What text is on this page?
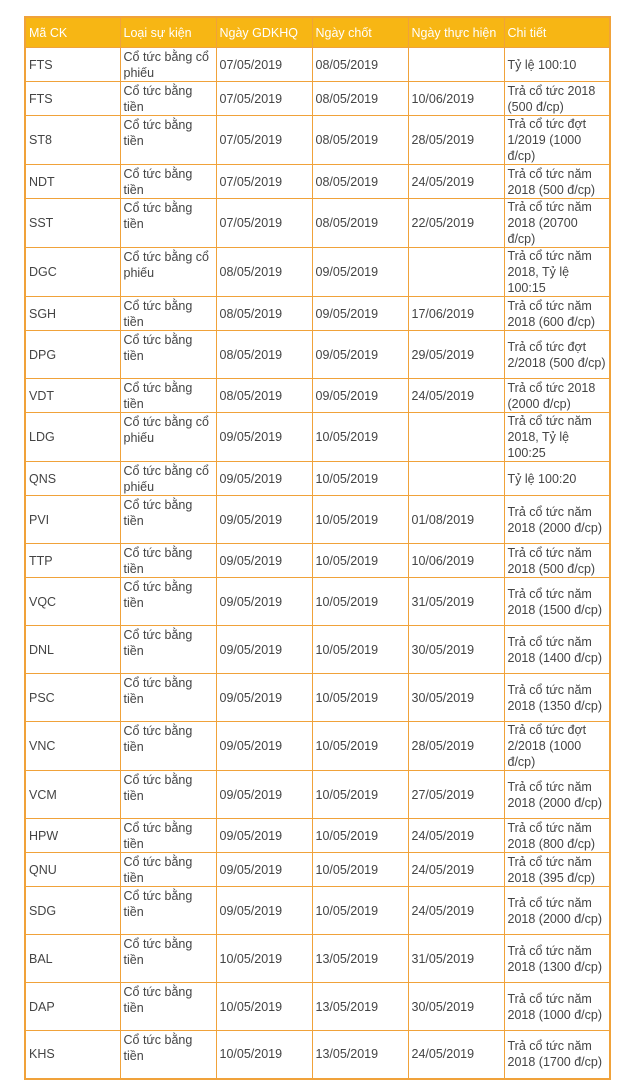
Mã CK	Loại sự kiện	Ngày GDKHQ	Ngày chốt	Ngày thực hiện	Chi tiết
FTS	Cổ tức bằng cổ phiếu	07/05/2019	08/05/2019		Tỷ lệ 100:10
FTS	Cổ tức bằng tiền	07/05/2019	08/05/2019	10/06/2019	Trả cổ tức 2018 (500 đ/cp)
ST8	Cổ tức bằng tiền	07/05/2019	08/05/2019	28/05/2019	Trả cổ tức đợt 1/2019 (1000 đ/cp)
NDT	Cổ tức bằng tiền	07/05/2019	08/05/2019	24/05/2019	Trả cổ tức năm 2018 (500 đ/cp)
SST	Cổ tức bằng tiền	07/05/2019	08/05/2019	22/05/2019	Trả cổ tức năm 2018 (20700 đ/cp)
DGC	Cổ tức bằng cổ phiếu	08/05/2019	09/05/2019		Trả cổ tức năm 2018, Tỷ lệ 100:15
SGH	Cổ tức bằng tiền	08/05/2019	09/05/2019	17/06/2019	Trả cổ tức năm 2018 (600 đ/cp)
DPG	Cổ tức bằng tiền	08/05/2019	09/05/2019	29/05/2019	Trả cổ tức đợt 2/2018 (500 đ/cp)
VDT	Cổ tức bằng tiền	08/05/2019	09/05/2019	24/05/2019	Trả cổ tức 2018 (2000 đ/cp)
LDG	Cổ tức bằng cổ phiếu	09/05/2019	10/05/2019		Trả cổ tức năm 2018, Tỷ lệ 100:25
QNS	Cổ tức bằng cổ phiếu	09/05/2019	10/05/2019		Tỷ lệ 100:20
PVI	Cổ tức bằng tiền	09/05/2019	10/05/2019	01/08/2019	Trả cổ tức năm 2018 (2000 đ/cp)
TTP	Cổ tức bằng tiền	09/05/2019	10/05/2019	10/06/2019	Trả cổ tức năm 2018 (500 đ/cp)
VQC	Cổ tức bằng tiền	09/05/2019	10/05/2019	31/05/2019	Trả cổ tức năm 2018 (1500 đ/cp)
DNL	Cổ tức bằng tiền	09/05/2019	10/05/2019	30/05/2019	Trả cổ tức năm 2018 (1400 đ/cp)
PSC	Cổ tức bằng tiền	09/05/2019	10/05/2019	30/05/2019	Trả cổ tức năm 2018 (1350 đ/cp)
VNC	Cổ tức bằng tiền	09/05/2019	10/05/2019	28/05/2019	Trả cổ tức đợt 2/2018 (1000 đ/cp)
VCM	Cổ tức bằng tiền	09/05/2019	10/05/2019	27/05/2019	Trả cổ tức năm 2018 (2000 đ/cp)
HPW	Cổ tức bằng tiền	09/05/2019	10/05/2019	24/05/2019	Trả cổ tức năm 2018 (800 đ/cp)
QNU	Cổ tức bằng tiền	09/05/2019	10/05/2019	24/05/2019	Trả cổ tức năm 2018 (395 đ/cp)
SDG	Cổ tức bằng tiền	09/05/2019	10/05/2019	24/05/2019	Trả cổ tức năm 2018 (2000 đ/cp)
BAL	Cổ tức bằng tiền	10/05/2019	13/05/2019	31/05/2019	Trả cổ tức năm 2018 (1300 đ/cp)
DAP	Cổ tức bằng tiền	10/05/2019	13/05/2019	30/05/2019	Trả cổ tức năm 2018 (1000 đ/cp)
KHS	Cổ tức bằng tiền	10/05/2019	13/05/2019	24/05/2019	Trả cổ tức năm 2018 (1700 đ/cp)
